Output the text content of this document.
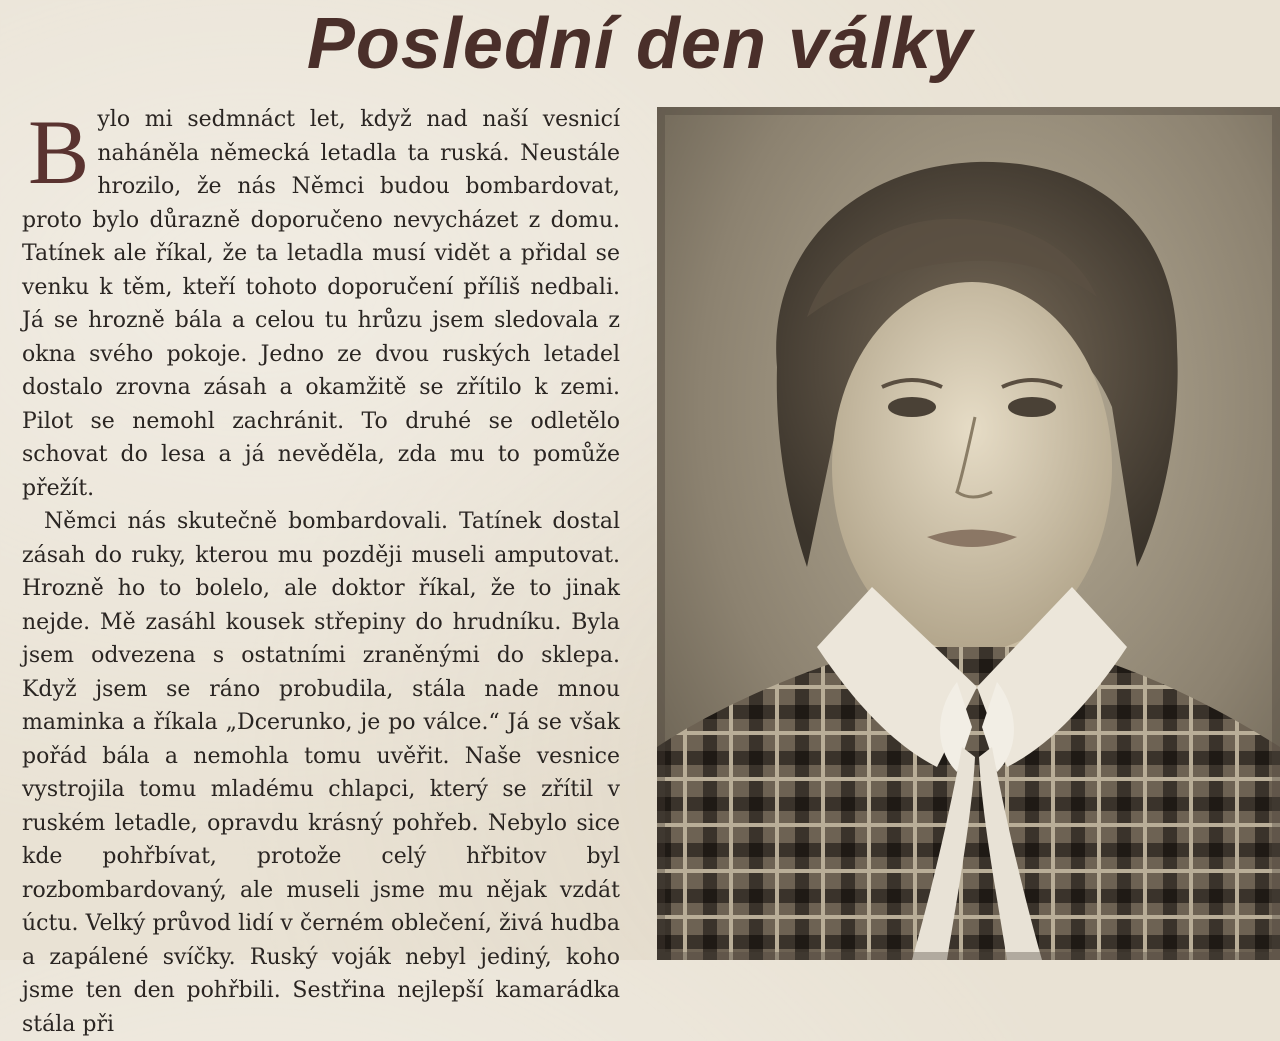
Poslední den války

Bylo mi sedmnáct let, když nad naší vesnicí naháněla německá letadla ta ruská. Neustále hrozilo, že nás Němci budou bombardovat, proto bylo důrazně doporučeno nevycházet z domu. Tatínek ale říkal, že ta letadla musí vidět a přidal se venku k těm, kteří tohoto doporučení příliš nedbali. Já se hrozně bála a celou tu hrůzu jsem sledovala z okna svého pokoje. Jedno ze dvou ruských letadel dostalo zrovna zásah a okamžitě se zřítilo k zemi. Pilot se nemohl zachránit. To druhé se odletělo schovat do lesa a já nevěděla, zda mu to pomůže přežít.

Němci nás skutečně bombardovali. Tatínek dostal zásah do ruky, kterou mu později museli amputovat. Hrozně ho to bolelo, ale doktor říkal, že to jinak nejde. Mě zasáhl kousek střepiny do hrudníku. Byla jsem odvezena s ostatními zraněnými do sklepa. Když jsem se ráno probudila, stála nade mnou maminka a říkala „Dcerunko, je po válce.“ Já se však pořád bála a nemohla tomu uvěřit. Naše vesnice vystrojila tomu mladému chlapci, který se zřítil v ruském letadle, opravdu krásný pohřeb. Nebylo sice kde pohřbívat, protože celý hřbitov byl rozbombardovaný, ale museli jsme mu nějak vzdát úctu. Velký průvod lidí v černém oblečení, živá hudba a zapálené svíčky. Ruský voják nebyl jediný, koho jsme ten den pohřbili. Sestřina nejlepší kamarádka stála při
